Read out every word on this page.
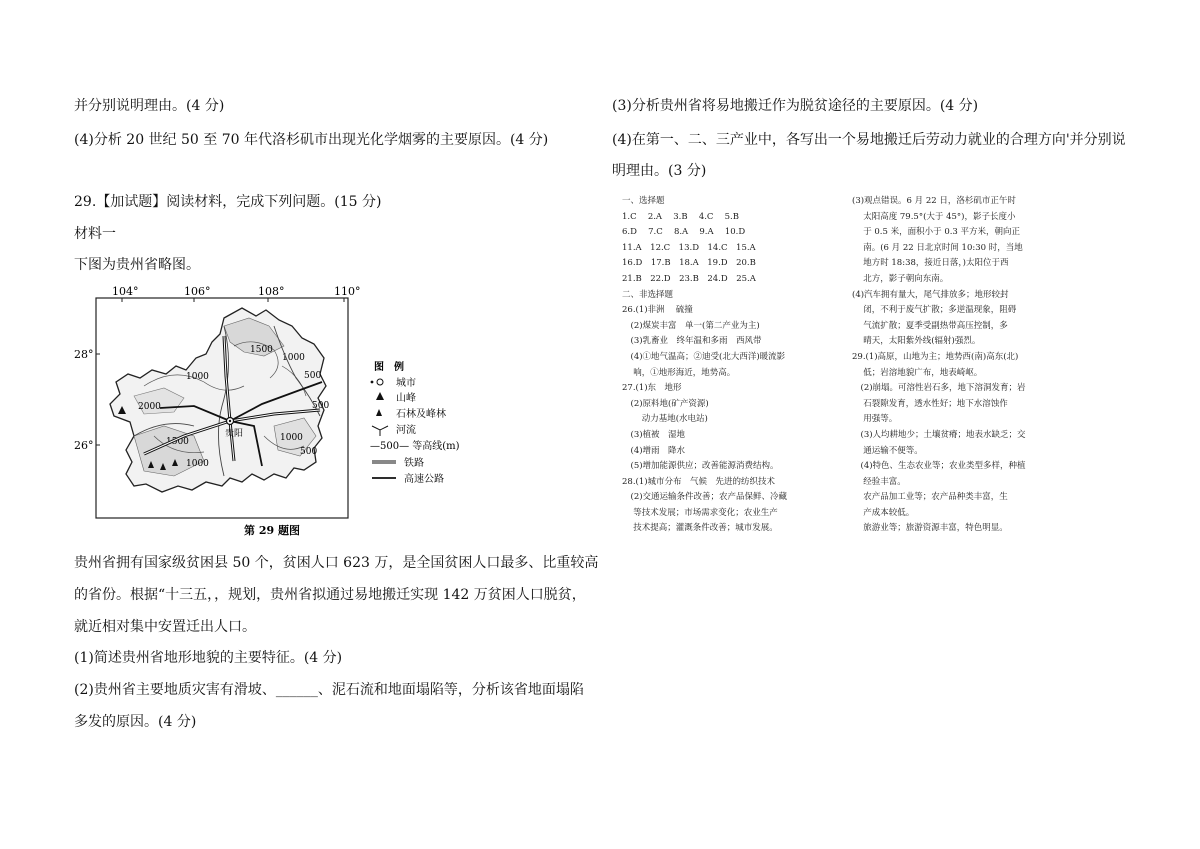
并分别说明理由。(4 分)
(4)分析 20 世纪 50 至 70 年代洛杉矶市出现光化学烟雾的主要原因。(4 分)
29.【加试题】阅读材料，完成下列问题。(15 分)
材料一
下图为贵州省略图。
104°	106°	108°	110°
28°
26°
1000
1500
500
2000
1000
500
1500	1000
500
1000
贵阳
第 29 题图
图　例
城市
山峰
石林及峰林
河流
—500— 等高线(m)
铁路
高速公路
贵州省拥有国家级贫困县 50 个，贫困人口 623 万，是全国贫困人口最多、比重较高
的省份。根据“十三五，，规划，贵州省拟通过易地搬迁实现 142 万贫困人口脱贫，
就近相对集中安置迁出人口。
(1)简述贵州省地形地貌的主要特征。(4 分)
(2)贵州省主要地质灾害有滑坡、______、泥石流和地面塌陷等，分析该省地面塌陷
多发的原因。(4 分)
(3)分析贵州省将易地搬迁作为脱贫途径的主要原因。(4 分)
(4)在第一、二、三产业中，各写出一个易地搬迁后劳动力就业的合理方向'并分别说
明理由。(3 分)
一、选择题
1.C　 2.A　 3.B　 4.C　 5.B
6.D　 7.C　 8.A　 9.A　 10.D
11.A　12.C　13.D　14.C　15.A
16.D　17.B　18.A　19.D　20.B
21.B　22.D　23.B　24.D　25.A
二、非选择题
26.(1)非洲　 硫撞
　(2)煤炭丰富　单一(第二产业为主)
　(3)乳畜业　终年温和多雨　西风带
　(4)①地气温高；②迪受(北大西洋)暖流影
　 响，①地形海近，地势高。
27.(1)东　地形
　(2)原料地(矿产资源)
　　 动力基地(水电站)
　(3)植被　湿地
　(4)增雨　降水
　(5)增加能源供应；改善能源消费结构。
28.(1)城市分布　气候　先进的纺织技术
　(2)交通运输条件改善；农产品保鲜、冷藏
　 等技术发展；市场需求变化；农业生产
　 技术提高；灌溉条件改善；城市发展。
(3)观点错误。6 月 22 日，洛杉矶市正午时
　 太阳高度 79.5°(大于 45°)，影子长度小
　 于 0.5 米，面积小于 0.3 平方米，朝向正
　 南。(6 月 22 日北京时间 10:30 时，当地
　 地方时 18:38，接近日落，)太阳位于西
　 北方，影子朝向东南。
(4)汽车拥有量大，尾气排放多；地形较封
　 闭，不利于废气扩散；多逆温现象，阻碍
　 气流扩散；夏季受副热带高压控制，多
　 晴天，太阳紫外线(辐射)强烈。
29.(1)高原，山地为主；地势西(南)高东(北)
　 低；岩溶地貌广布，地表崎岖。
　(2)崩塌。可溶性岩石多，地下溶洞发育；岩
　 石裂隙发育，透水性好；地下水溶蚀作
　 用强等。
　(3)人均耕地少；土壤贫瘠；地表水缺乏；交
　 通运输不便等。
　(4)特色、生态农业等；农业类型多样，种植
　 经验丰富。
　 农产品加工业等；农产品种类丰富，生
　 产成本较低。
　 旅游业等；旅游资源丰富，特色明显。
